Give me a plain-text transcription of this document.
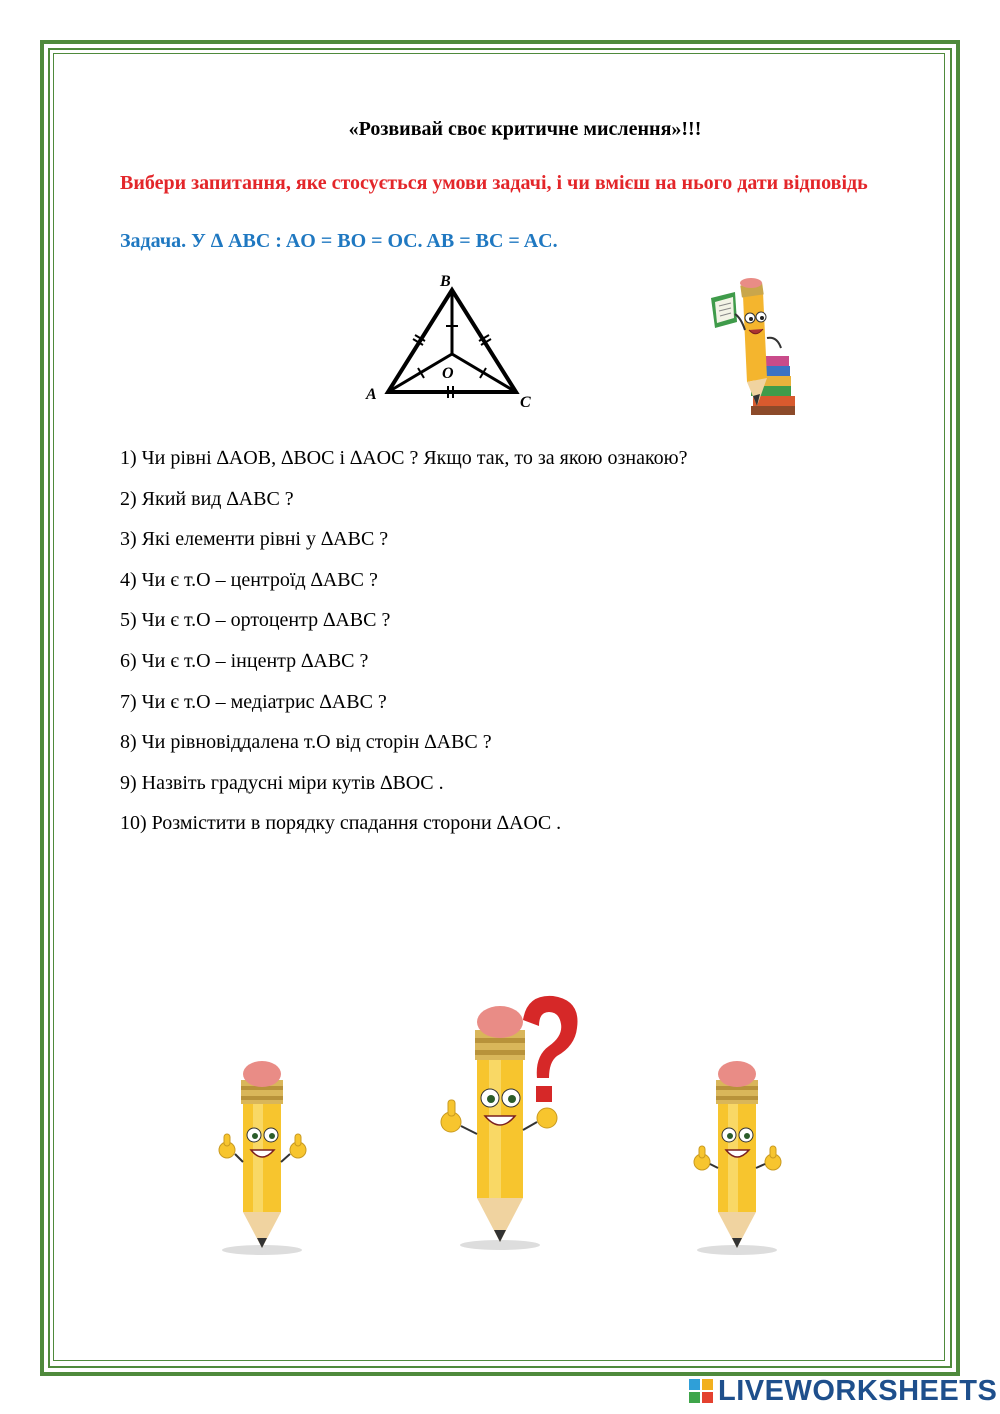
«Розвивай своє критичне мислення»!!!
Вибери запитання, яке стосується умови задачі, і чи вмієш на нього дати відповідь
Задача. У ∆ ABC : AO = BO = OC. AB = BC = AC.
B
A	C
O
1) Чи рівні ∆AOB, ∆BOC і ∆AOC ? Якщо так, то за якою ознакою?
2) Який вид ∆ABC ?
3) Які елементи рівні у ∆ABC ?
4) Чи є т.О – центроїд ∆ABC ?
5) Чи є т.О – ортоцентр ∆ABC ?
6) Чи є т.О – інцентр ∆ABC ?
7) Чи є т.О – медіатрис ∆ABC ?
8) Чи рівновіддалена т.О від сторін ∆ABC ?
9) Назвіть градусні міри кутів ∆BOC .
10) Розмістити в порядку спадання сторони ∆AOC .
LIVEWORKSHEETS
